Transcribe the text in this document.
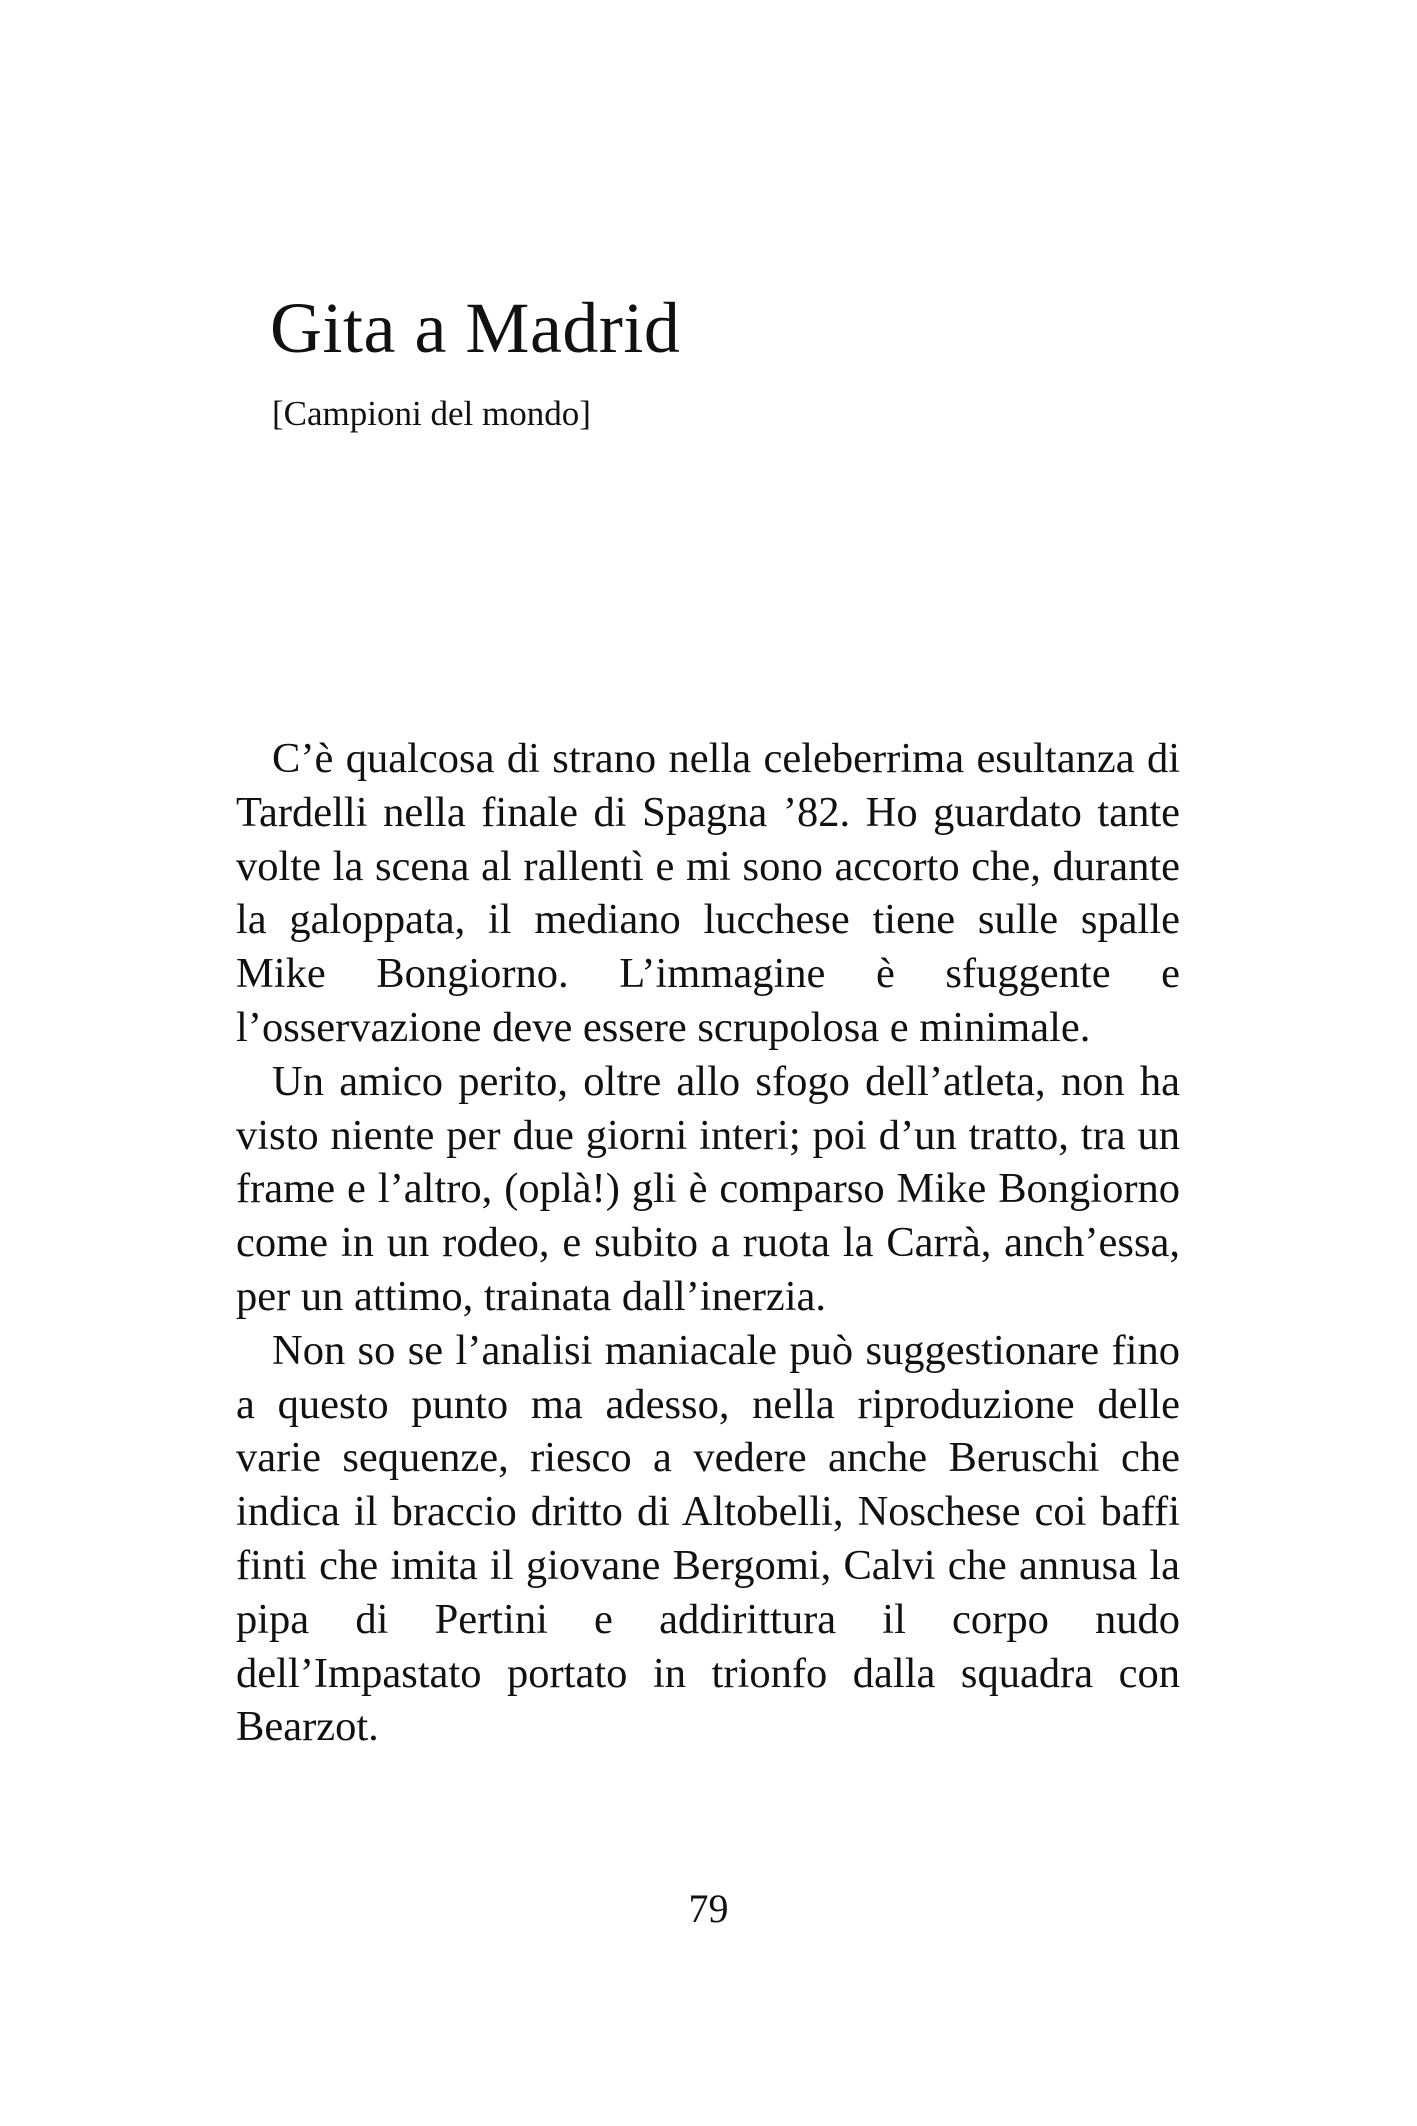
Gita a Madrid
[Campioni del mondo]

C’è qualcosa di strano nella celeberrima esultanza di Tardelli nella finale di Spagna ’82. Ho guardato tante volte la scena al rallentì e mi sono accorto che, durante la galoppata, il mediano lucchese tiene sulle spalle Mike Bongiorno. L’immagine è sfuggente e l’osservazione deve essere scrupolosa e minimale.

Un amico perito, oltre allo sfogo dell’atleta, non ha visto niente per due giorni interi; poi d’un tratto, tra un frame e l’altro, (oplà!) gli è comparso Mike Bongiorno come in un rodeo, e subito a ruota la Carrà, anch’essa, per un attimo, trainata dall’inerzia.

Non so se l’analisi maniacale può suggestionare fino a questo punto ma adesso, nella riproduzione delle varie sequenze, riesco a vedere anche Beruschi che indica il braccio dritto di Altobelli, Noschese coi baffi finti che imita il giovane Bergomi, Calvi che annusa la pipa di Pertini e addirittura il corpo nudo dell’Impastato portato in trionfo dalla squadra con Bearzot.

79
